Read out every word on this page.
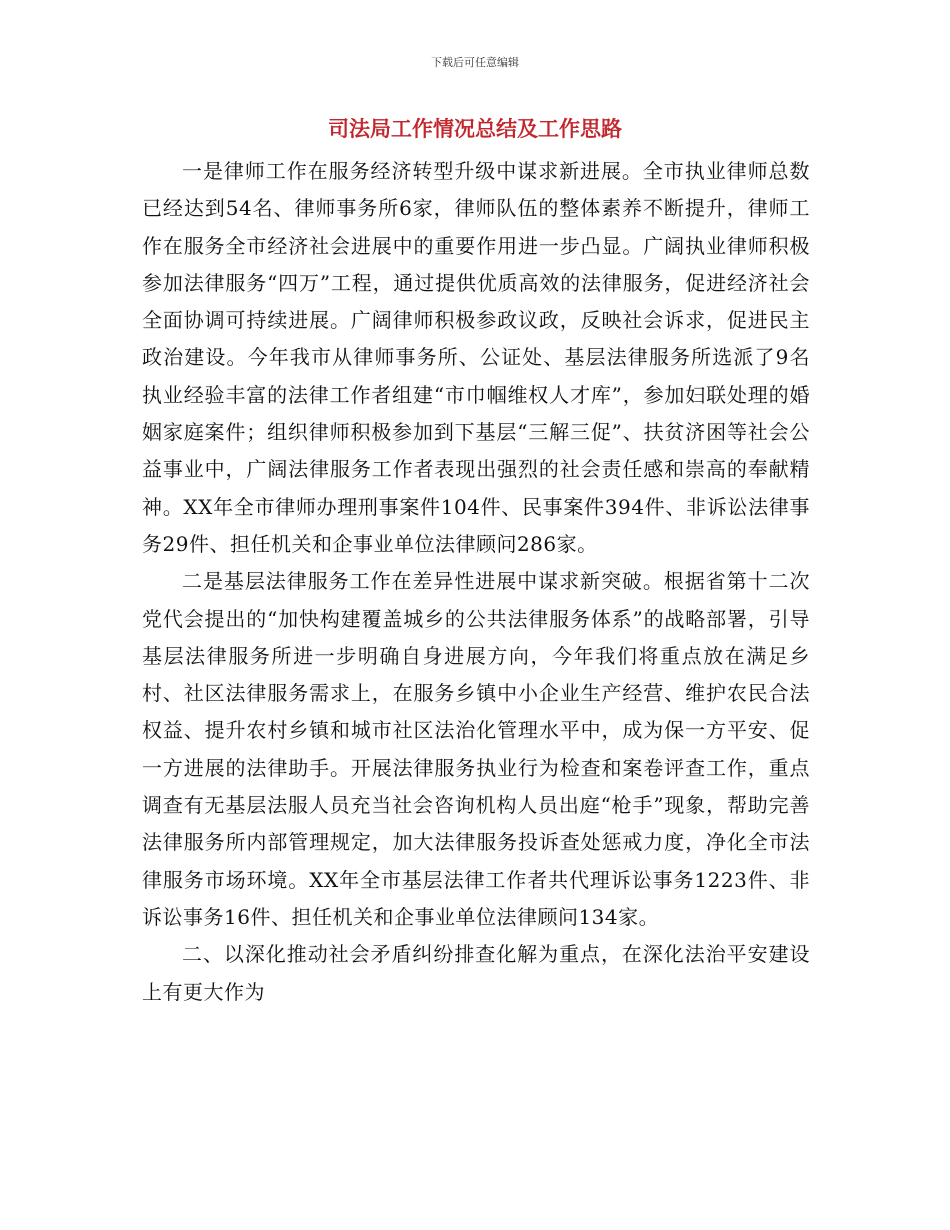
下载后可任意编辑
司法局工作情况总结及工作思路

一是律师工作在服务经济转型升级中谋求新进展。全市执业律师总数已经达到54名、律师事务所6家，律师队伍的整体素养不断提升，律师工作在服务全市经济社会进展中的重要作用进一步凸显。广阔执业律师积极参加法律服务“四万”工程，通过提供优质高效的法律服务，促进经济社会全面协调可持续进展。广阔律师积极参政议政，反映社会诉求，促进民主政治建设。今年我市从律师事务所、公证处、基层法律服务所选派了9名执业经验丰富的法律工作者组建“市巾帼维权人才库”，参加妇联处理的婚姻家庭案件；组织律师积极参加到下基层“三解三促”、扶贫济困等社会公益事业中，广阔法律服务工作者表现出强烈的社会责任感和崇高的奉献精神。XX年全市律师办理刑事案件104件、民事案件394件、非诉讼法律事务29件、担任机关和企事业单位法律顾问286家。

二是基层法律服务工作在差异性进展中谋求新突破。根据省第十二次党代会提出的“加快构建覆盖城乡的公共法律服务体系”的战略部署，引导基层法律服务所进一步明确自身进展方向，今年我们将重点放在满足乡村、社区法律服务需求上，在服务乡镇中小企业生产经营、维护农民合法权益、提升农村乡镇和城市社区法治化管理水平中，成为保一方平安、促一方进展的法律助手。开展法律服务执业行为检查和案卷评查工作，重点调查有无基层法服人员充当社会咨询机构人员出庭“枪手”现象，帮助完善法律服务所内部管理规定，加大法律服务投诉查处惩戒力度，净化全市法律服务市场环境。XX年全市基层法律工作者共代理诉讼事务1223件、非诉讼事务16件、担任机关和企事业单位法律顾问134家。

二、以深化推动社会矛盾纠纷排查化解为重点，在深化法治平安建设上有更大作为
